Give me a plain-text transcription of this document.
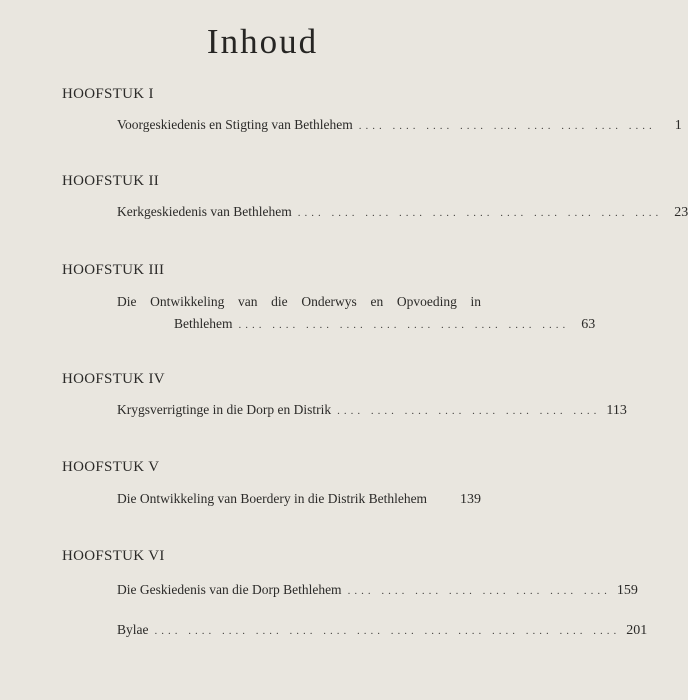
Inhoud
HOOFSTUK I
Voorgeskiedenis en Stigting van Bethlehem .... .... .... .... .... .... .... .... ....	1
HOOFSTUK II
Kerkgeskiedenis van Bethlehem .... .... .... .... .... .... .... .... .... .... .... 23
HOOFSTUK III
Die Ontwikkeling van die Onderwys en Opvoeding in
Bethlehem .... .... .... .... .... .... .... .... .... .... 63
HOOFSTUK IV
Krygsverrigtinge in die Dorp en Distrik .... .... .... .... .... .... .... .... 113
HOOFSTUK V
Die Ontwikkeling van Boerdery in die Distrik Bethlehem 139
HOOFSTUK VI
Die Geskiedenis van die Dorp Bethlehem .... .... .... .... .... .... .... .... 159
Bylae .... .... .... .... .... .... .... .... .... .... .... .... .... .... 201
